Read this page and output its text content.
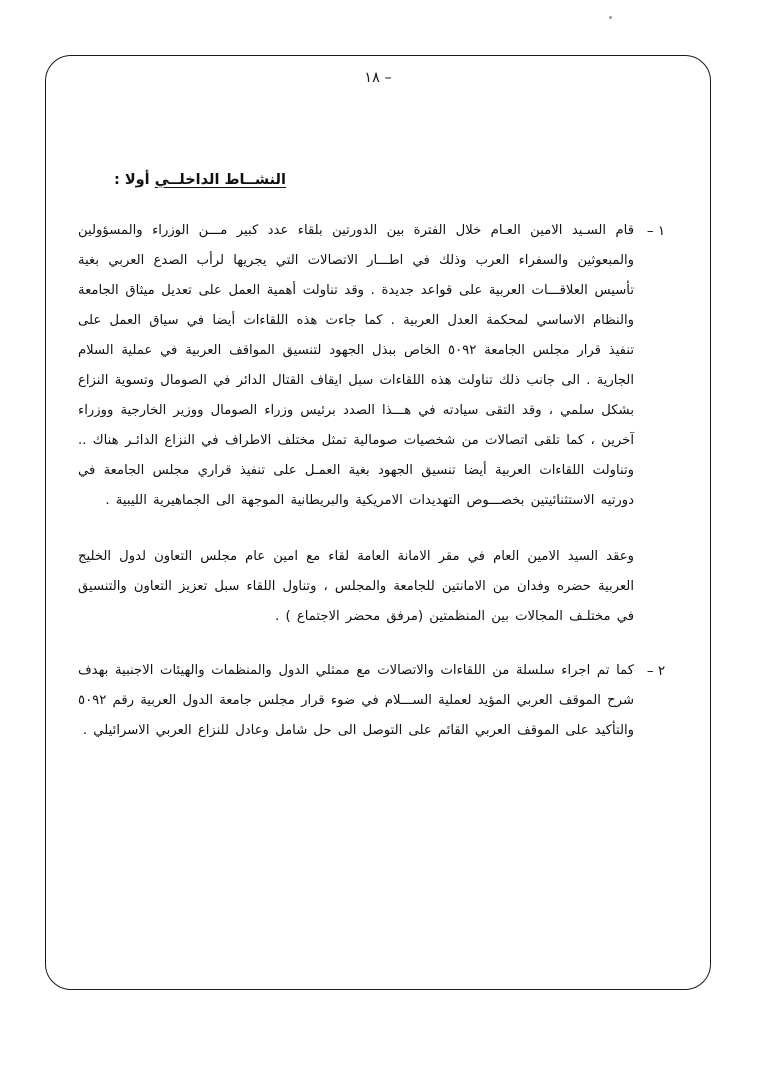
– ١٨
النشــاط الداخلــي أولا :
١ –
قام السـيد الامين العـام خلال الفترة بين الدورتين بلقاء عدد كبير مـــن الوزراء والمسؤولين والمبعوثين والسفراء العرب وذلك في اطـــار الاتصالات التي يجريها لرأب الصدع العربي بغية تأسيس العلاقـــات العربية على قواعد جديدة . وقد تناولت أهمية العمل على تعديل ميثاق الجامعة والنظام الاساسي لمحكمة العدل العربية . كما جاءت هذه اللقاءات أيضا في سياق العمل على تنفيذ قرار مجلس الجامعة ٥٠٩٢ الخاص ببذل الجهود لتنسيق المواقف العربية في عملية السلام الجارية . الى جانب ذلك تناولت هذه اللقاءات سبل ايقاف القتال الدائر في الصومال وتسوية النزاع بشكل سلمي ، وقد التقى سيادته في هـــذا الصدد برئيس وزراء الصومال ووزير الخارجية ووزراء آخرين ، كما تلقى اتصالات من شخصيات صومالية تمثل مختلف الاطراف في النزاع الدائـر هناك .. وتناولت اللقاءات العربية أيضا تنسيق الجهود بغية العمـل على تنفيذ قراري مجلس الجامعة في دورتيه الاستثنائيتين بخصـــوص التهديدات الامريكية والبريطانية الموجهة الى الجماهيرية الليبية .
وعقد السيد الامين العام في مقر الامانة العامة لقاء مع امين عام مجلس التعاون لدول الخليج العربية حضره وفدان من الامانتين للجامعة والمجلس ، وتناول اللقاء سبل تعزيز التعاون والتنسيق في مختلـف المجالات بين المنظمتين (مرفق محضر الاجتماع ) .
٢ –
كما تم اجراء سلسلة من اللقاءات والاتصالات مع ممثلي الدول والمنظمات والهيئات الاجنبية بهدف شرح الموقف العربي المؤيد لعملية الســـلام في ضوء قرار مجلس جامعة الدول العربية رقم ٥٠٩٢ والتأكيد على الموقف العربي القائم على التوصل الى حل شامل وعادل للنزاع العربي الاسرائيلي .
